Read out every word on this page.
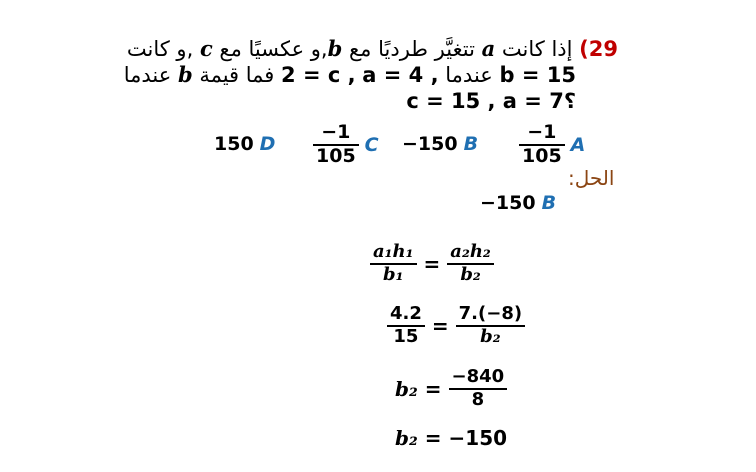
29) إذا كانت a تتغيَّر طرديًا مع b,و عكسيًا مع c ,و كانت
b = 15 عندما 2 = c , a = 4 , فما قيمة b عندما
c = 15 , a = 7؟
150 D $\frac{-1}{105}$ C −150 B $\frac{-1}{105}$ A
الحل:
−150 B
$\frac{\text{a₁h₁}}{\text{b₁}} = \frac{\text{a₂h₂}}{\text{b₂}}$
$\frac{4.2}{15} = \frac{7.(-8)}{\text{b₂}}$
$b_2 = \frac{-840}{8}$
b₂ = −150
